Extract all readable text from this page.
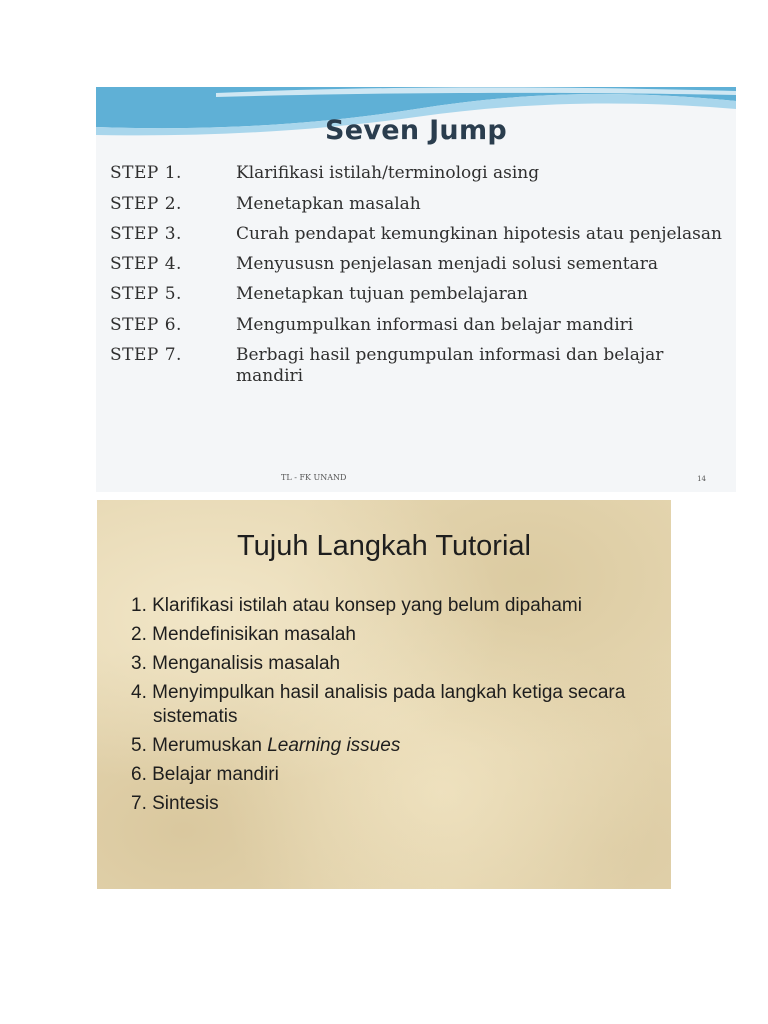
Seven Jump
STEP 1.	Klarifikasi istilah/terminologi asing
STEP 2.	Menetapkan masalah
STEP 3.	Curah pendapat kemungkinan hipotesis atau penjelasan
STEP 4.	Menyususn penjelasan menjadi solusi sementara
STEP 5.	Menetapkan tujuan pembelajaran
STEP 6.	Mengumpulkan informasi dan belajar mandiri
STEP 7.	Berbagi hasil pengumpulan informasi dan belajar mandiri
TL - FK UNAND	14
Tujuh Langkah Tutorial
1. Klarifikasi istilah atau konsep yang belum dipahami
2. Mendefinisikan masalah
3. Menganalisis masalah
4. Menyimpulkan hasil analisis pada langkah ketiga secara sistematis
5. Merumuskan Learning issues
6. Belajar mandiri
7. Sintesis
